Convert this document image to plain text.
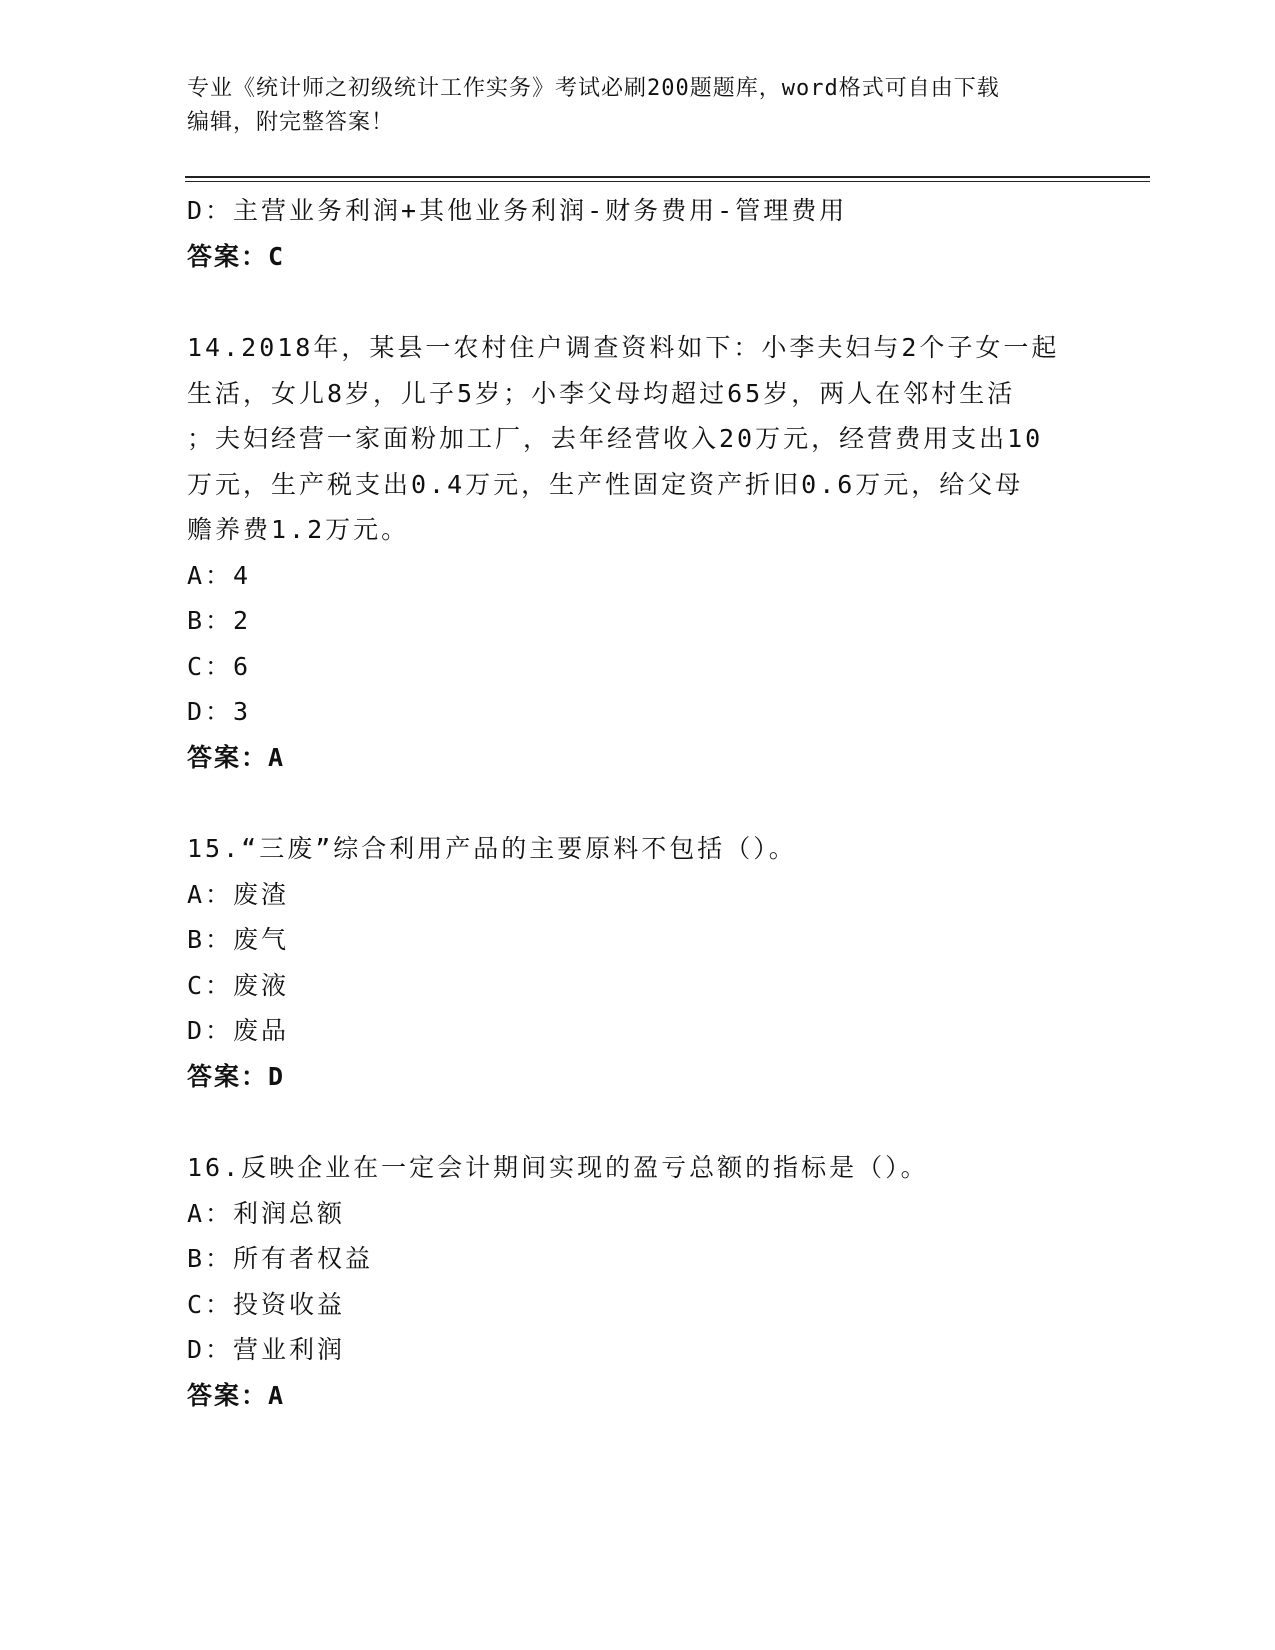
专业《统计师之初级统计工作实务》考试必刷200题题库，word格式可自由下载
编辑，附完整答案！
D：主营业务利润+其他业务利润-财务费用-管理费用
答案：C
14.2018年，某县一农村住户调查资料如下：小李夫妇与2个子女一起
生活，女儿8岁，儿子5岁；小李父母均超过65岁，两人在邻村生活
；夫妇经营一家面粉加工厂，去年经营收入20万元，经营费用支出10
万元，生产税支出0.4万元，生产性固定资产折旧0.6万元，给父母
赡养费1.2万元。
A：4
B：2
C：6
D：3
答案：A
15.“三废”综合利用产品的主要原料不包括（）。
A：废渣
B：废气
C：废液
D：废品
答案：D
16.反映企业在一定会计期间实现的盈亏总额的指标是（）。
A：利润总额
B：所有者权益
C：投资收益
D：营业利润
答案：A
